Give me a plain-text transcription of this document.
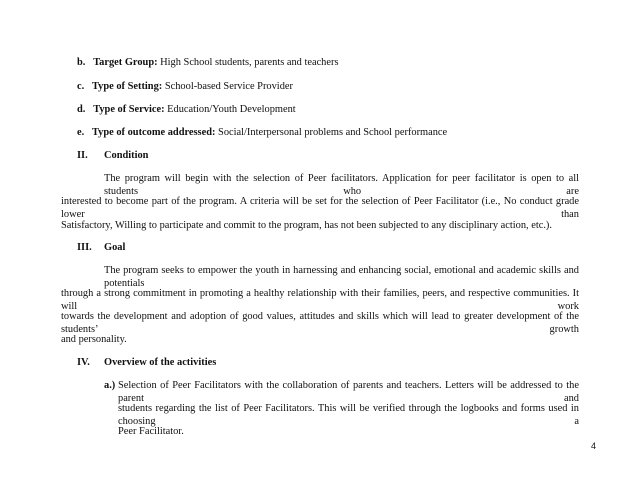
b. Target Group: High School students, parents and teachers
c. Type of Setting: School-based Service Provider
d. Type of Service: Education/Youth Development
e. Type of outcome addressed: Social/Interpersonal problems and School performance
II. Condition
The program will begin with the selection of Peer facilitators. Application for peer facilitator is open to all students who are
interested to become part of the program. A criteria will be set for the selection of Peer Facilitator (i.e., No conduct grade lower than
Satisfactory, Willing to participate and commit to the program, has not been subjected to any disciplinary action, etc.).
III. Goal
The program seeks to empower the youth in harnessing and enhancing social, emotional and academic skills and potentials
through a strong commitment in promoting a healthy relationship with their families, peers, and respective communities. It will work
towards the development and adoption of good values, attitudes and skills which will lead to greater development of the students’ growth
and personality.
IV. Overview of the activities
a.) Selection of Peer Facilitators with the collaboration of parents and teachers. Letters will be addressed to the parent and
students regarding the list of Peer Facilitators. This will be verified through the logbooks and forms used in choosing a
Peer Facilitator.
4
